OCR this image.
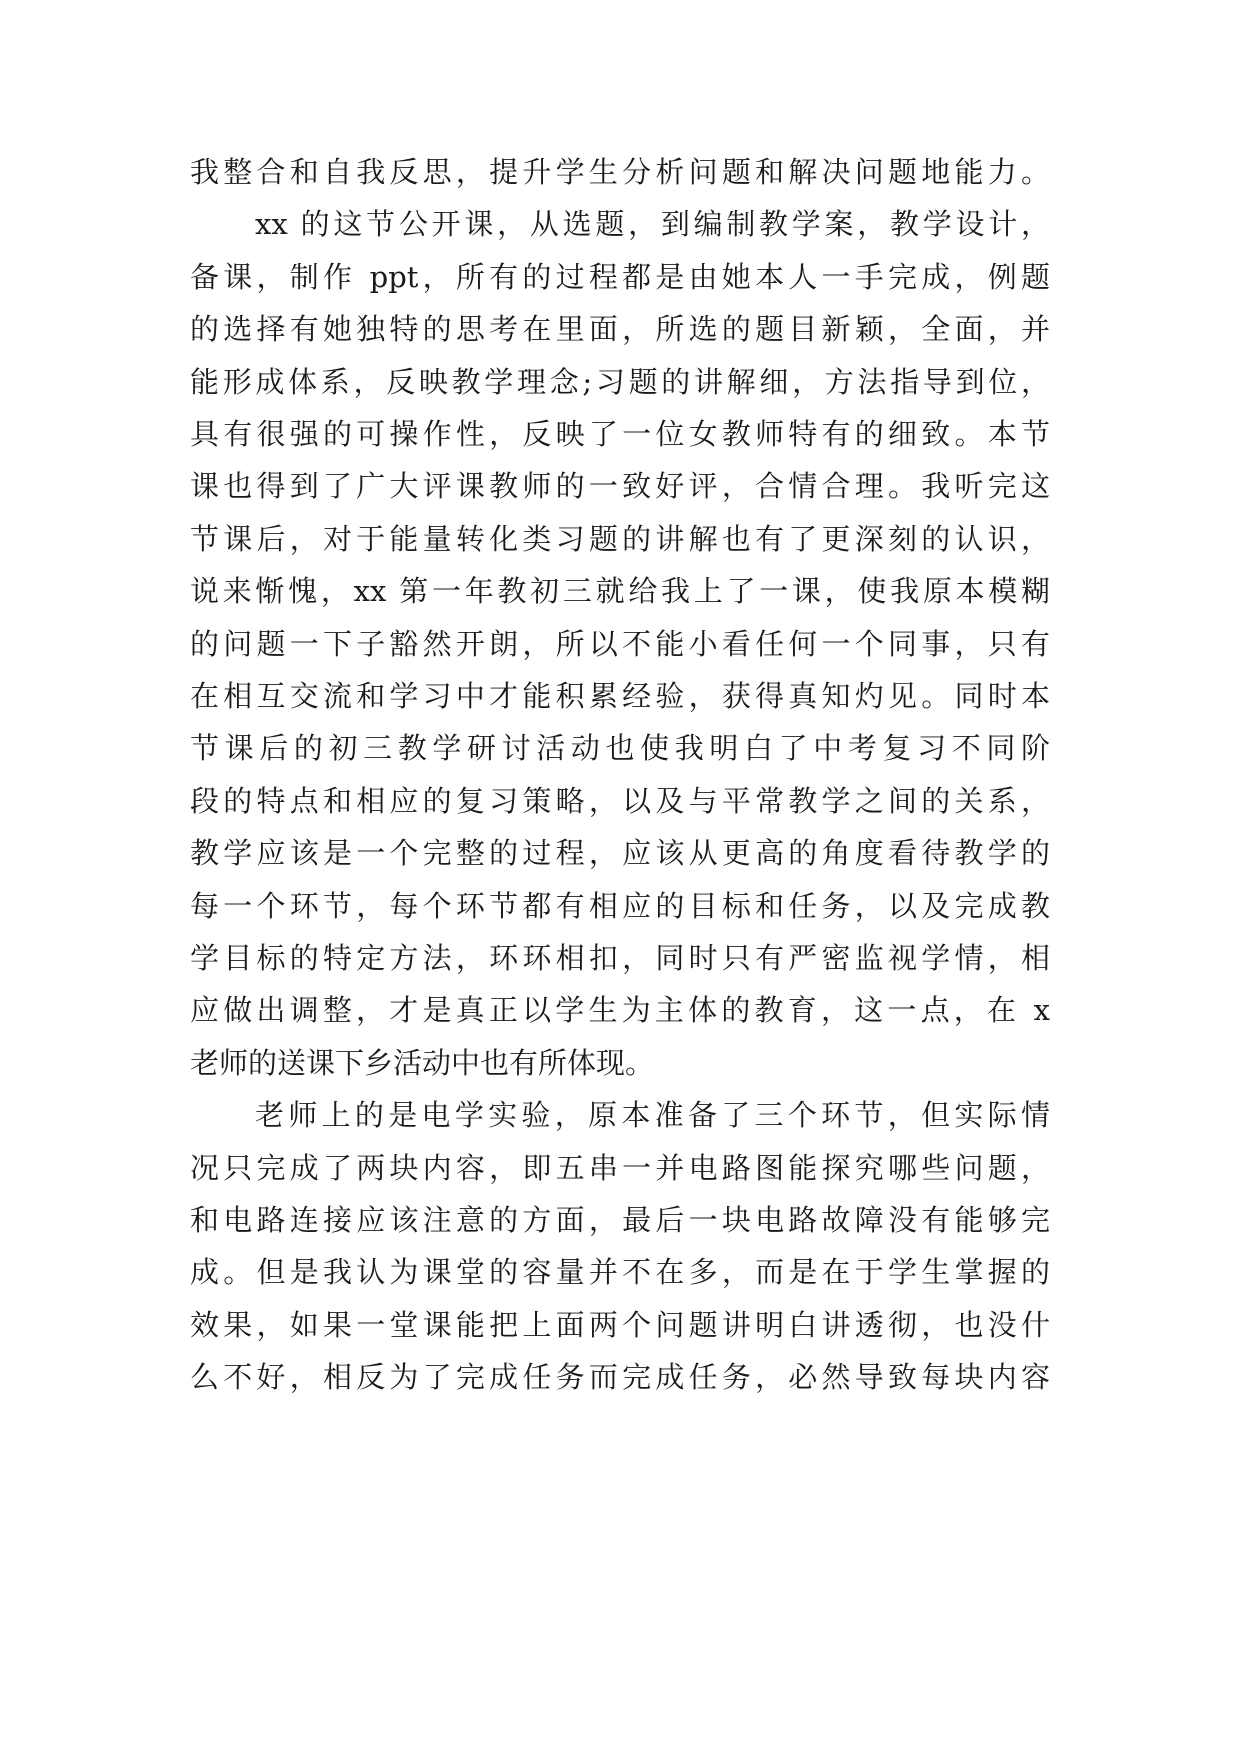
我整合和自我反思，提升学生分析问题和解决问题地能力。
xx 的这节公开课，从选题，到编制教学案，教学设计，
备课，制作 ppt，所有的过程都是由她本人一手完成，例题
的选择有她独特的思考在里面，所选的题目新颖，全面，并
能形成体系，反映教学理念;习题的讲解细，方法指导到位，
具有很强的可操作性，反映了一位女教师特有的细致。本节
课也得到了广大评课教师的一致好评，合情合理。我听完这
节课后，对于能量转化类习题的讲解也有了更深刻的认识，
说来惭愧，xx 第一年教初三就给我上了一课，使我原本模糊
的问题一下子豁然开朗，所以不能小看任何一个同事，只有
在相互交流和学习中才能积累经验，获得真知灼见。同时本
节课后的初三教学研讨活动也使我明白了中考复习不同阶
段的特点和相应的复习策略，以及与平常教学之间的关系，
教学应该是一个完整的过程，应该从更高的角度看待教学的
每一个环节，每个环节都有相应的目标和任务，以及完成教
学目标的特定方法，环环相扣，同时只有严密监视学情，相
应做出调整，才是真正以学生为主体的教育，这一点，在 x
老师的送课下乡活动中也有所体现。
老师上的是电学实验，原本准备了三个环节，但实际情
况只完成了两块内容，即五串一并电路图能探究哪些问题，
和电路连接应该注意的方面，最后一块电路故障没有能够完
成。但是我认为课堂的容量并不在多，而是在于学生掌握的
效果，如果一堂课能把上面两个问题讲明白讲透彻，也没什
么不好，相反为了完成任务而完成任务，必然导致每块内容
